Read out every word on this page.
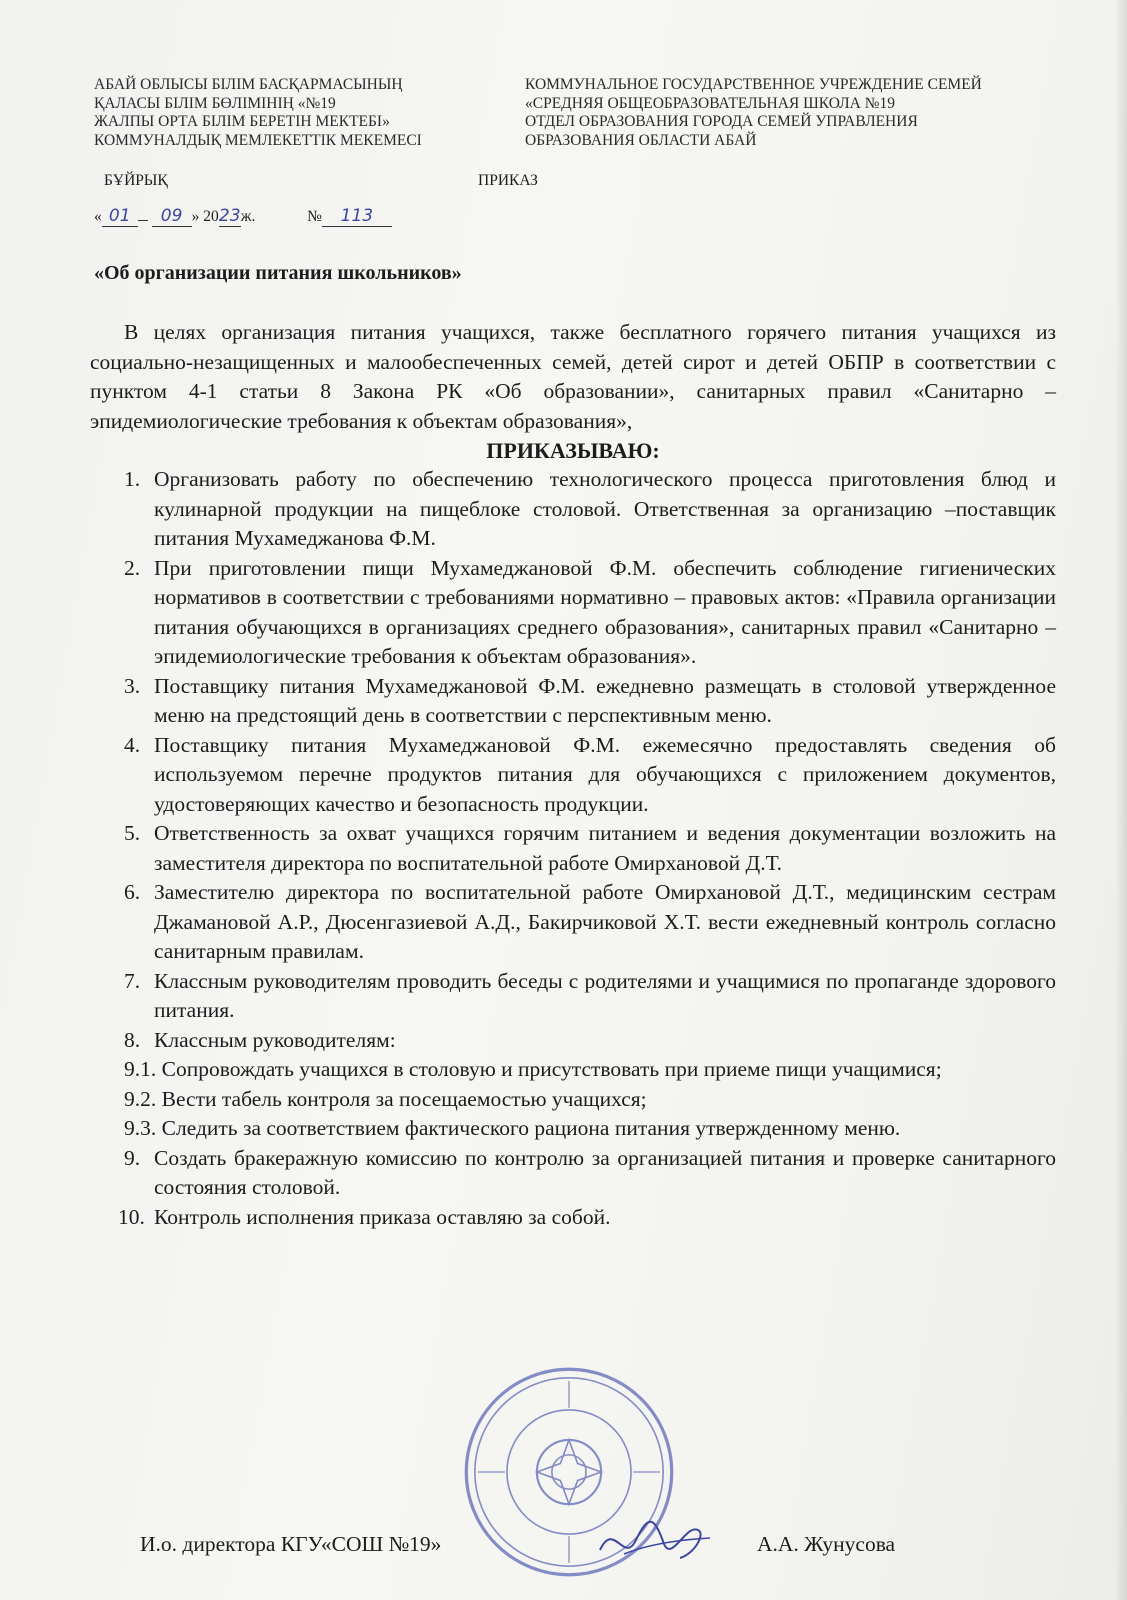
АБАЙ ОБЛЫСЫ БІЛІМ БАСҚАРМАСЫНЫҢ
ҚАЛАСЫ БІЛІМ БӨЛІМІНІҢ «№19
ЖАЛПЫ ОРТА БІЛІМ БЕРЕТІН МЕКТЕБІ»
КОММУНАЛДЫҚ МЕМЛЕКЕТТІК МЕКЕМЕСІ
КОММУНАЛЬНОЕ ГОСУДАРСТВЕННОЕ УЧРЕЖДЕНИЕ СЕМЕЙ
«СРЕДНЯЯ ОБЩЕОБРАЗОВАТЕЛЬНАЯ ШКОЛА №19
ОТДЕЛ ОБРАЗОВАНИЯ ГОРОДА СЕМЕЙ УПРАВЛЕНИЯ
ОБРАЗОВАНИЯ ОБЛАСТИ АБАЙ
БҰЙРЫҚ	ПРИКАЗ
« 01 09 » 2023ж.	№ 113
«Об организации питания школьников»

В целях организация питания учащихся, также бесплатного горячего питания учащихся из социально-незащищенных и малообеспеченных семей, детей сирот и детей ОБПР в соответствии с пунктом 4-1 статьи 8 Закона РК «Об образовании», санитарных правил «Санитарно –эпидемиологические требования к объектам образования»,

ПРИКАЗЫВАЮ:

1. Организовать работу по обеспечению технологического процесса приготовления блюд и кулинарной продукции на пищеблоке столовой. Ответственная за организацию –поставщик питания Мухамеджанова Ф.М.
2. При приготовлении пищи Мухамеджановой Ф.М. обеспечить соблюдение гигиенических нормативов в соответствии с требованиями нормативно – правовых актов: «Правила организации питания обучающихся в организациях среднего образования», санитарных правил «Санитарно –эпидемиологические требования к объектам образования».
3. Поставщику питания Мухамеджановой Ф.М. ежедневно размещать в столовой утвержденное меню на предстоящий день в соответствии с перспективным меню.
4. Поставщику питания Мухамеджановой Ф.М. ежемесячно предоставлять сведения об используемом перечне продуктов питания для обучающихся с приложением документов, удостоверяющих качество и безопасность продукции.
5. Ответственность за охват учащихся горячим питанием и ведения документации возложить на заместителя директора по воспитательной работе Омирхановой Д.Т.
6. Заместителю директора по воспитательной работе Омирхановой Д.Т., медицинским сестрам Джамановой А.Р., Дюсенгазиевой А.Д., Бакирчиковой Х.Т. вести ежедневный контроль согласно санитарным правилам.
7. Классным руководителям проводить беседы с родителями и учащимися по пропаганде здорового питания.
8. Классным руководителям:
9.1. Сопровождать учащихся в столовую и присутствовать при приеме пищи учащимися;
9.2. Вести табель контроля за посещаемостью учащихся;
9.3. Следить за соответствием фактического рациона питания утвержденному меню.
9. Создать бракеражную комиссию по контролю за организацией питания и проверке санитарного состояния столовой.
10. Контроль исполнения приказа оставляю за собой.
И.о. директора КГУ«СОШ №19»	А.А. Жунусова
